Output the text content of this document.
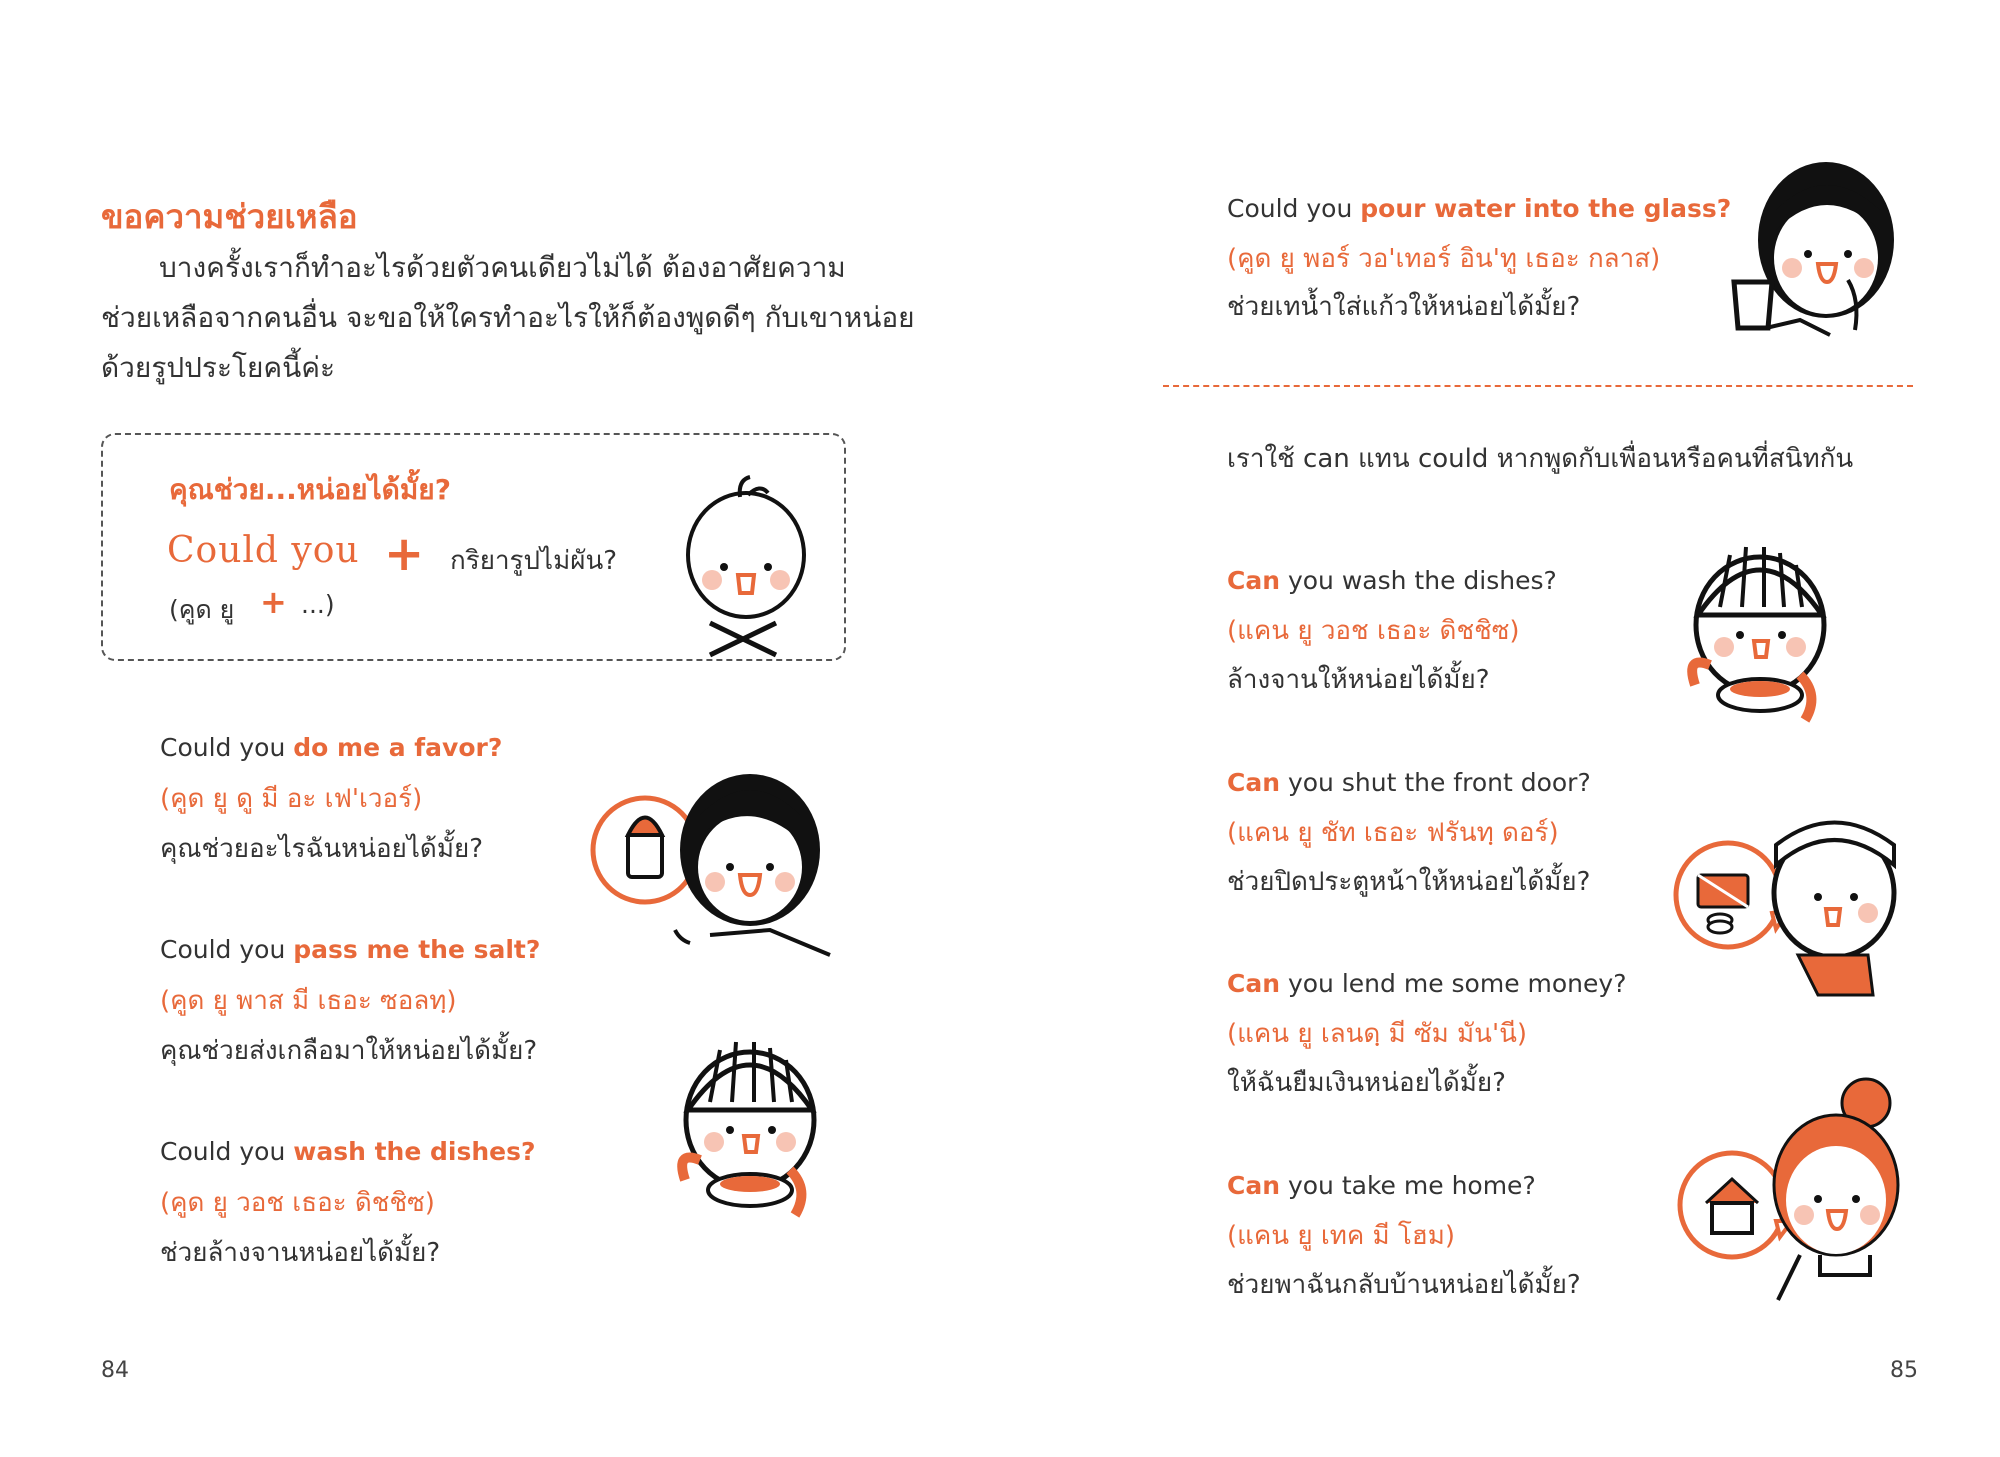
ขอความช่วยเหลือ
บางครั้งเราก็ทำอะไรด้วยตัวคนเดียวไม่ได้ ต้องอาศัยความ
ช่วยเหลือจากคนอื่น จะขอให้ใครทำอะไรให้ก็ต้องพูดดีๆ กับเขาหน่อย
ด้วยรูปประโยคนี้ค่ะ
คุณช่วย...หน่อยได้มั้ย?
Could you + กริยารูปไม่ผัน?
(คูด ยู + ...)
Could you do me a favor?
(คูด ยู ดู มี อะ เฟ'เวอร์)
คุณช่วยอะไรฉันหน่อยได้มั้ย?
Could you pass me the salt?
(คูด ยู พาส มี เธอะ ซอลทฺ)
คุณช่วยส่งเกลือมาให้หน่อยได้มั้ย?
Could you wash the dishes?
(คูด ยู วอช เธอะ ดิชชิซ)
ช่วยล้างจานหน่อยได้มั้ย?
84
Could you pour water into the glass?
(คูด ยู พอร์ วอ'เทอร์ อิน'ทู เธอะ กลาส)
ช่วยเทน้ำใส่แก้วให้หน่อยได้มั้ย?
เราใช้ can แทน could หากพูดกับเพื่อนหรือคนที่สนิทกัน
Can you wash the dishes?
(แคน ยู วอช เธอะ ดิชชิซ)
ล้างจานให้หน่อยได้มั้ย?
Can you shut the front door?
(แคน ยู ชัท เธอะ ฟรันทฺ ดอร์)
ช่วยปิดประตูหน้าให้หน่อยได้มั้ย?
Can you lend me some money?
(แคน ยู เลนดฺ มี ซัม มัน'นี)
ให้ฉันยืมเงินหน่อยได้มั้ย?
Can you take me home?
(แคน ยู เทค มี โฮม)
ช่วยพาฉันกลับบ้านหน่อยได้มั้ย?
85
